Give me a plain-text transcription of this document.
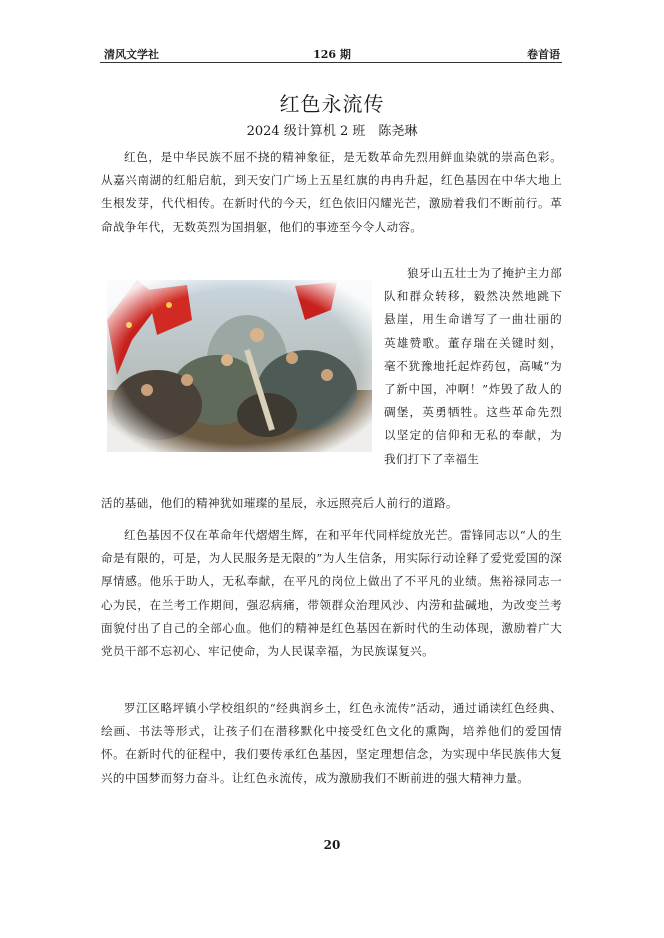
清风文学社	126 期	卷首语
红色永流传
2024 级计算机 2 班　陈尧琳

红色，是中华民族不屈不挠的精神象征，是无数革命先烈用鲜血染就的崇高色彩。从嘉兴南湖的红船启航，到天安门广场上五星红旗的冉冉升起，红色基因在中华大地上生根发芽，代代相传。在新时代的今天，红色依旧闪耀光芒，激励着我们不断前行。革命战争年代，无数英烈为国捐躯，他们的事迹至今令人动容。

狼牙山五壮士为了掩护主力部队和群众转移，毅然决然地跳下悬崖，用生命谱写了一曲壮丽的英雄赞歌。董存瑞在关键时刻，毫不犹豫地托起炸药包，高喊“为了新中国，冲啊！”炸毁了敌人的碉堡，英勇牺牲。这些革命先烈以坚定的信仰和无私的奉献，为我们打下了幸福生

活的基础，他们的精神犹如璀璨的星辰，永远照亮后人前行的道路。

红色基因不仅在革命年代熠熠生辉，在和平年代同样绽放光芒。雷锋同志以“人的生命是有限的，可是，为人民服务是无限的”为人生信条，用实际行动诠释了爱党爱国的深厚情感。他乐于助人，无私奉献，在平凡的岗位上做出了不平凡的业绩。焦裕禄同志一心为民，在兰考工作期间，强忍病痛，带领群众治理风沙、内涝和盐碱地，为改变兰考面貌付出了自己的全部心血。他们的精神是红色基因在新时代的生动体现，激励着广大党员干部不忘初心、牢记使命，为人民谋幸福，为民族谋复兴。

罗江区略坪镇小学校组织的“经典润乡土，红色永流传”活动，通过诵读红色经典、绘画、书法等形式，让孩子们在潜移默化中接受红色文化的熏陶，培养他们的爱国情怀。在新时代的征程中，我们要传承红色基因，坚定理想信念，为实现中华民族伟大复兴的中国梦而努力奋斗。让红色永流传，成为激励我们不断前进的强大精神力量。

20
